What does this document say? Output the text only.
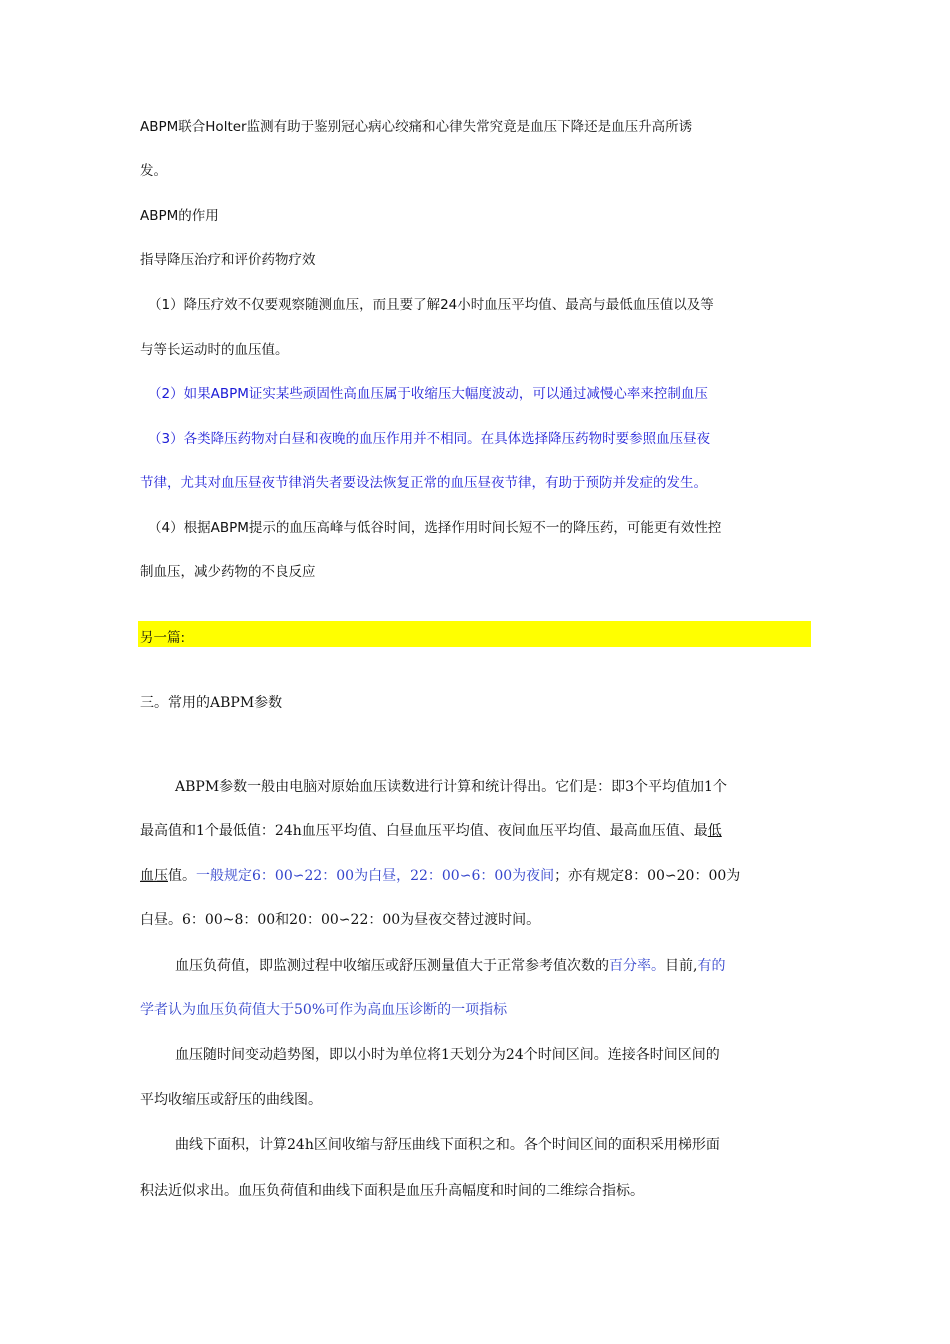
ABPM联合Holter监测有助于鉴别冠心病心绞痛和心律失常究竟是血压下降还是血压升高所诱
发。
ABPM的作用
指导降压治疗和评价药物疗效
（1）降压疗效不仅要观察随测血压，而且要了解24小时血压平均值、最高与最低血压值以及等
与等长运动时的血压值。
（2）如果ABPM证实某些顽固性高血压属于收缩压大幅度波动，可以通过减慢心率来控制血压
（3）各类降压药物对白昼和夜晚的血压作用并不相同。在具体选择降压药物时要参照血压昼夜
节律，尤其对血压昼夜节律消失者要设法恢复正常的血压昼夜节律，有助于预防并发症的发生。
（4）根据ABPM提示的血压高峰与低谷时间，选择作用时间长短不一的降压药，可能更有效性控
制血压，减少药物的不良反应
另一篇:
三。常用的ABPM参数
ABPM参数一般由电脑对原始血压读数进行计算和统计得出。它们是：即3个平均值加1个
最高值和1个最低值：24h血压平均值、白昼血压平均值、夜间血压平均值、最高血压值、最低
血压值。一般规定6：00∽22：00为白昼，22：00∽6：00为夜间；亦有规定8：00∽20：00为
白昼。6：00~8：00和20：00∽22：00为昼夜交替过渡时间。
血压负荷值，即监测过程中收缩压或舒压测量值大于正常参考值次数的百分率。目前,有的
学者认为血压负荷值大于50%可作为高血压诊断的一项指标
血压随时间变动趋势图，即以小时为单位将1天划分为24个时间区间。连接各时间区间的
平均收缩压或舒压的曲线图。
曲线下面积，计算24h区间收缩与舒压曲线下面积之和。各个时间区间的面积采用梯形面
积法近似求出。血压负荷值和曲线下面积是血压升高幅度和时间的二维综合指标。
